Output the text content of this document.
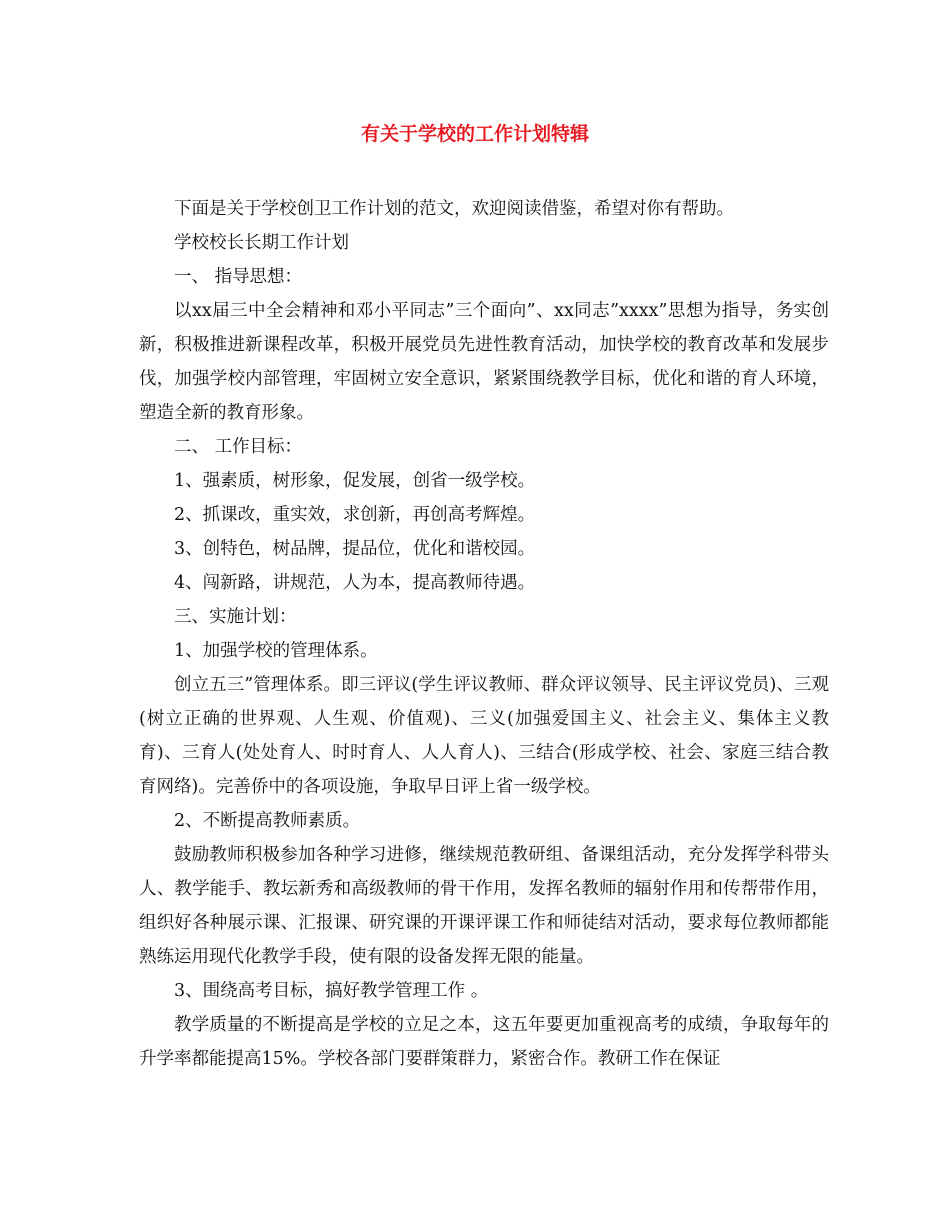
有关于学校的工作计划特辑

下面是关于学校创卫工作计划的范文，欢迎阅读借鉴，希望对你有帮助。

学校校长长期工作计划

一、 指导思想：

以xx届三中全会精神和邓小平同志”三个面向”、xx同志”xxxx”思想为指导，务实创新，积极推进新课程改革，积极开展党员先进性教育活动，加快学校的教育改革和发展步伐，加强学校内部管理，牢固树立安全意识，紧紧围绕教学目标，优化和谐的育人环境，塑造全新的教育形象。

二、 工作目标：

1、强素质，树形象，促发展，创省一级学校。

2、抓课改，重实效，求创新，再创高考辉煌。

3、创特色，树品牌，提品位，优化和谐校园。

4、闯新路，讲规范，人为本，提高教师待遇。

三、实施计划：

1、加强学校的管理体系。

创立五三”管理体系。即三评议(学生评议教师、群众评议领导、民主评议党员)、三观(树立正确的世界观、人生观、价值观)、三义(加强爱国主义、社会主义、集体主义教育)、三育人(处处育人、时时育人、人人育人)、三结合(形成学校、社会、家庭三结合教育网络)。完善侨中的各项设施，争取早日评上省一级学校。

2、不断提高教师素质。

鼓励教师积极参加各种学习进修，继续规范教研组、备课组活动，充分发挥学科带头人、教学能手、教坛新秀和高级教师的骨干作用，发挥名教师的辐射作用和传帮带作用，组织好各种展示课、汇报课、研究课的开课评课工作和师徒结对活动，要求每位教师都能熟练运用现代化教学手段，使有限的设备发挥无限的能量。

3、围绕高考目标，搞好教学管理工作 。

教学质量的不断提高是学校的立足之本，这五年要更加重视高考的成绩，争取每年的升学率都能提高15%。学校各部门要群策群力，紧密合作。教研工作在保证
